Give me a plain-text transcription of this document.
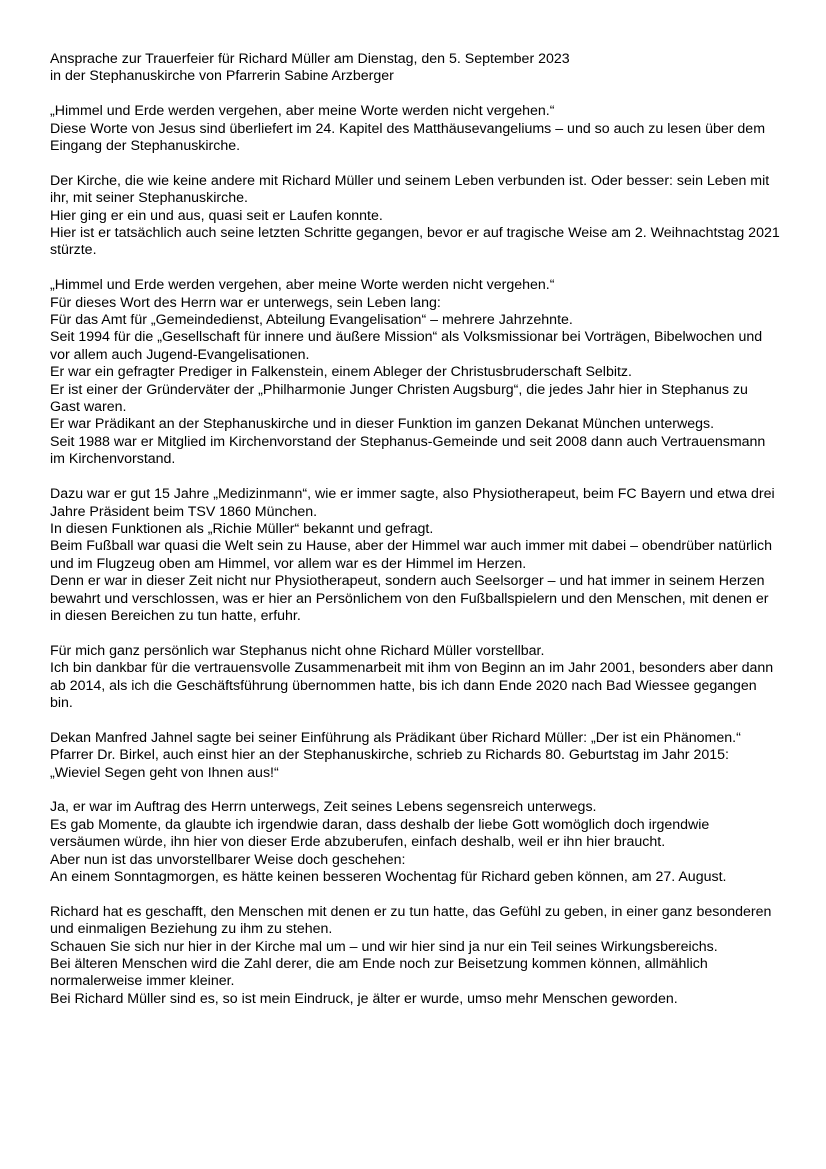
Ansprache zur Trauerfeier für Richard Müller am Dienstag, den 5. September 2023
in der Stephanuskirche von Pfarrerin Sabine Arzberger
„Himmel und Erde werden vergehen, aber meine Worte werden nicht vergehen.“
Diese Worte von Jesus sind überliefert im 24. Kapitel des Matthäusevangeliums – und so auch zu lesen über dem Eingang der Stephanuskirche.
Der Kirche, die wie keine andere mit Richard Müller und seinem Leben verbunden ist. Oder besser: sein Leben mit ihr, mit seiner Stephanuskirche.
Hier ging er ein und aus, quasi seit er Laufen konnte.
Hier ist er tatsächlich auch seine letzten Schritte gegangen, bevor er auf tragische Weise am 2. Weihnachtstag 2021 stürzte.
„Himmel und Erde werden vergehen, aber meine Worte werden nicht vergehen.“
Für dieses Wort des Herrn war er unterwegs, sein Leben lang:
Für das Amt für „Gemeindedienst, Abteilung Evangelisation“ – mehrere Jahrzehnte.
Seit 1994 für die „Gesellschaft für innere und äußere Mission“ als Volksmissionar bei Vorträgen, Bibelwochen und vor allem auch Jugend-Evangelisationen.
Er war ein gefragter Prediger in Falkenstein, einem Ableger der Christusbruderschaft Selbitz.
Er ist einer der Gründerväter der „Philharmonie Junger Christen Augsburg“, die jedes Jahr hier in Stephanus zu Gast waren.
Er war Prädikant an der Stephanuskirche und in dieser Funktion im ganzen Dekanat München unterwegs.
Seit 1988 war er Mitglied im Kirchenvorstand der Stephanus-Gemeinde und seit 2008 dann auch Vertrauensmann im Kirchenvorstand.
Dazu war er gut 15 Jahre „Medizinmann“, wie er immer sagte, also Physiotherapeut, beim FC Bayern und etwa drei Jahre Präsident beim TSV 1860 München.
In diesen Funktionen als „Richie Müller“ bekannt und gefragt.
Beim Fußball war quasi die Welt sein zu Hause, aber der Himmel war auch immer mit dabei – obendrüber natürlich und im Flugzeug oben am Himmel, vor allem war es der Himmel im Herzen.
Denn er war in dieser Zeit nicht nur Physiotherapeut, sondern auch Seelsorger – und hat immer in seinem Herzen bewahrt und verschlossen, was er hier an Persönlichem von den Fußballspielern und den Menschen, mit denen er in diesen Bereichen zu tun hatte, erfuhr.
Für mich ganz persönlich war Stephanus nicht ohne Richard Müller vorstellbar.
Ich bin dankbar für die vertrauensvolle Zusammenarbeit mit ihm von Beginn an im Jahr 2001, besonders aber dann ab 2014, als ich die Geschäftsführung übernommen hatte, bis ich dann Ende 2020 nach Bad Wiessee gegangen bin.
Dekan Manfred Jahnel sagte bei seiner Einführung als Prädikant über Richard Müller: „Der ist ein Phänomen.“
Pfarrer Dr. Birkel, auch einst hier an der Stephanuskirche, schrieb zu Richards 80. Geburtstag im Jahr 2015:
„Wieviel Segen geht von Ihnen aus!“
Ja, er war im Auftrag des Herrn unterwegs, Zeit seines Lebens segensreich unterwegs.
Es gab Momente, da glaubte ich irgendwie daran, dass deshalb der liebe Gott womöglich doch irgendwie versäumen würde, ihn hier von dieser Erde abzuberufen, einfach deshalb, weil er ihn hier braucht.
Aber nun ist das unvorstellbarer Weise doch geschehen:
An einem Sonntagmorgen, es hätte keinen besseren Wochentag für Richard geben können, am 27. August.
Richard hat es geschafft, den Menschen mit denen er zu tun hatte, das Gefühl zu geben, in einer ganz besonderen und einmaligen Beziehung zu ihm zu stehen.
Schauen Sie sich nur hier in der Kirche mal um – und wir hier sind ja nur ein Teil seines Wirkungsbereichs.
Bei älteren Menschen wird die Zahl derer, die am Ende noch zur Beisetzung kommen können, allmählich normalerweise immer kleiner.
Bei Richard Müller sind es, so ist mein Eindruck, je älter er wurde, umso mehr Menschen geworden.
